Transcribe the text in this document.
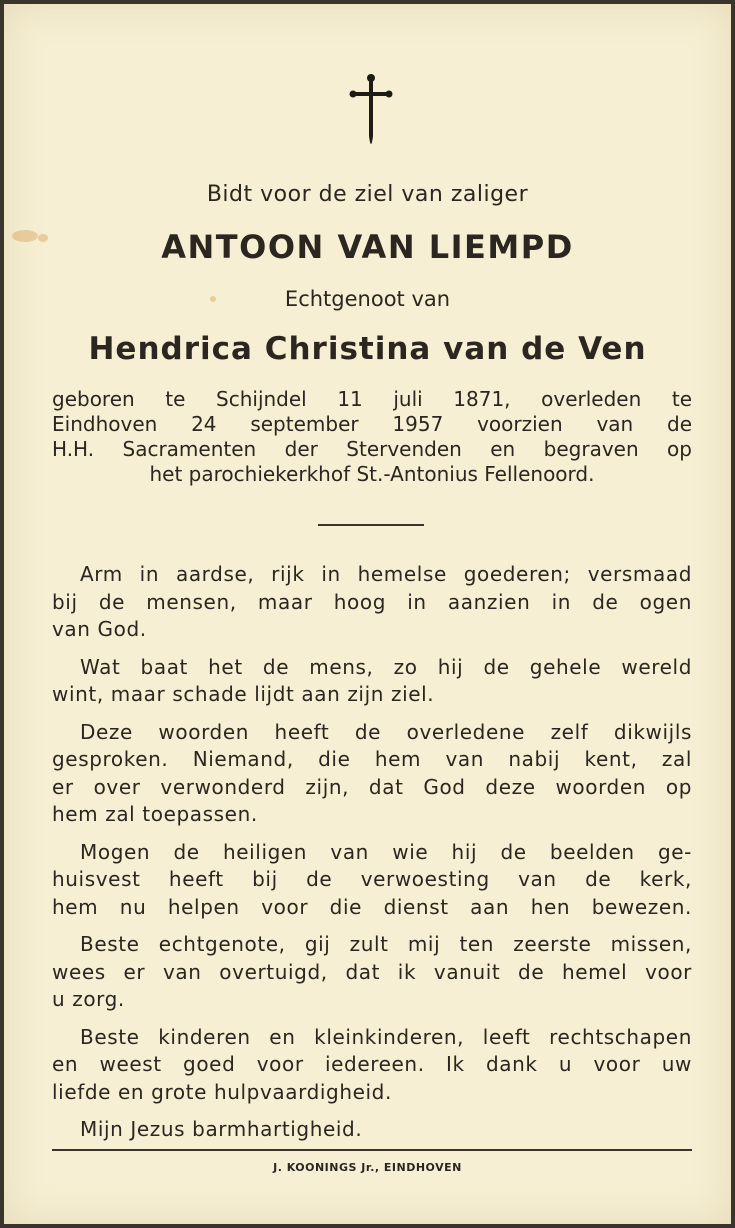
Bidt voor de ziel van zaliger
ANTOON VAN LIEMPD
Echtgenoot van
Hendrica Christina van de Ven
geboren te Schijndel 11 juli 1871, overleden te
Eindhoven 24 september 1957 voorzien van de
H.H. Sacramenten der Stervenden en begraven op
het parochiekerkhof St.-Antonius Fellenoord.
Arm in aardse, rijk in hemelse goederen; versmaad
bij de mensen, maar hoog in aanzien in de ogen
van God.
Wat baat het de mens, zo hij de gehele wereld
wint, maar schade lijdt aan zijn ziel.
Deze woorden heeft de overledene zelf dikwijls
gesproken. Niemand, die hem van nabij kent, zal
er over verwonderd zijn, dat God deze woorden op
hem zal toepassen.
Mogen de heiligen van wie hij de beelden ge-
huisvest heeft bij de verwoesting van de kerk,
hem nu helpen voor die dienst aan hen bewezen.
Beste echtgenote, gij zult mij ten zeerste missen,
wees er van overtuigd, dat ik vanuit de hemel voor
u zorg.
Beste kinderen en kleinkinderen, leeft rechtschapen
en weest goed voor iedereen. Ik dank u voor uw
liefde en grote hulpvaardigheid.
Mijn Jezus barmhartigheid.
J. KOONINGS Jr., EINDHOVEN
